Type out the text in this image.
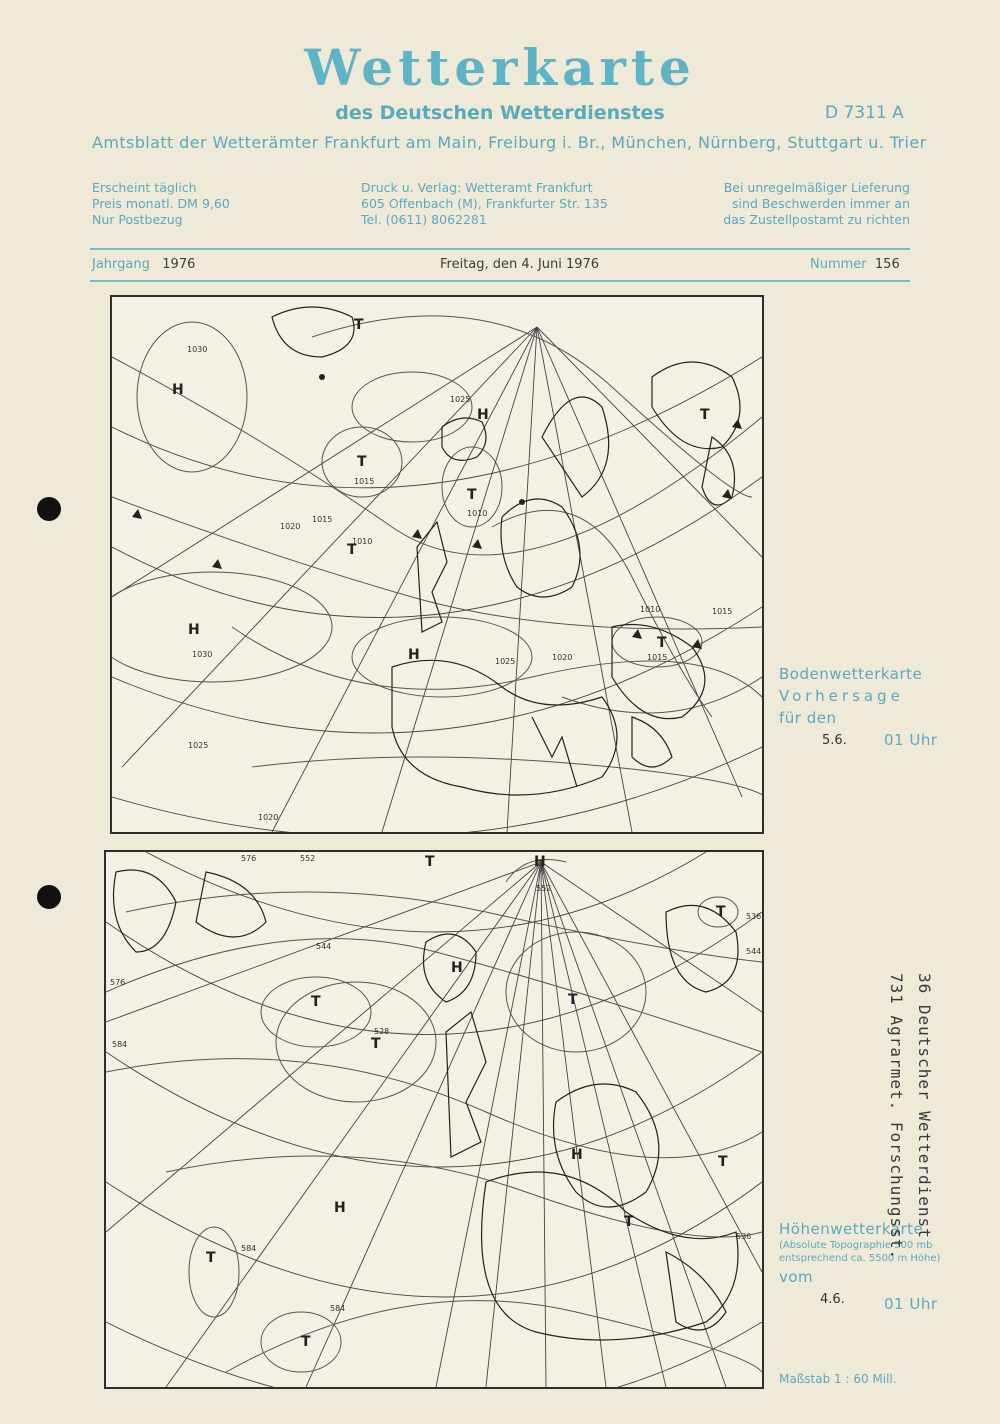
Wetterkarte
des Deutschen Wetterdienstes	D 7311 A
Amtsblatt der Wetterämter Frankfurt am Main, Freiburg i. Br., München, Nürnberg, Stuttgart u. Trier
Erscheint täglich
Preis monatl. DM 9,60
Nur Postbezug
Druck u. Verlag: Wetteramt Frankfurt
605 Offenbach (M), Frankfurter Str. 135
Tel. (0611) 8062281
Bei unregelmäßiger Lieferung
sind Beschwerden immer an
das Zustellpostamt zu richten
Jahrgang 1976	Freitag, den 4. Juni 1976	Nummer 156
H
H
H
H
T
T
T
T
T
T
1030
1025
1020
1015
1010
1015
1010
1030
1025
1020	1015
1010
1025
1015
1020
Bodenwetterkarte
Vorhersage
für den
5.6. 01 Uhr
H
H
H
H
T
T
T
T
T
T
T
T
T
576
552
544
536
528
584
576
552
584
536
544
584
Höhenwetterkarte
(Absolute Topographie 500 mb
entsprechend ca. 5500 m Höhe)
vom
4.6.	01 Uhr
Maßstab 1 : 60 Mill.
36 Deutscher Wetterdienst
731 Agrarmet. Forschungsst.
